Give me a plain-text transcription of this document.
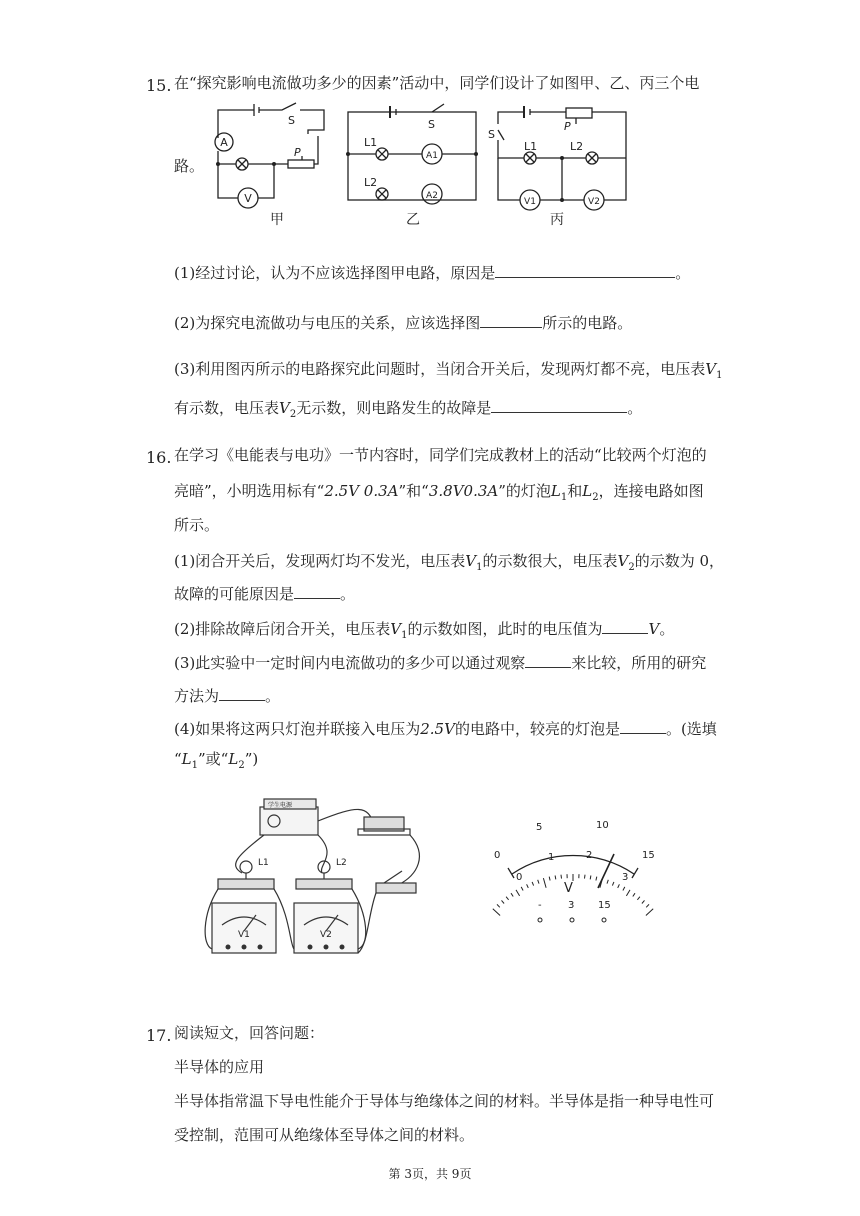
15. 在“探究影响电流做功多少的因素”活动中，同学们设计了如图甲、乙、丙三个电
路。
A
S
P
V
甲
S
L1
L2
A1
A2
乙
S
P
L1	L2
V1	V2
丙
(1)经过讨论，认为不应该选择图甲电路，原因是	。
(2)为探究电流做功与电压的关系，应该选择图	所示的电路。
(3)利用图丙所示的电路探究此问题时，当闭合开关后，发现两灯都不亮，电压表$V_1$
有示数，电压表$V_2$无示数，则电路发生的故障是	。
16. 在学习《电能表与电功》一节内容时，同学们完成教材上的活动“比较两个灯泡的
亮暗”，小明选用标有“2.5V 0.3A”和“3.8V0.3A”的灯泡$L_1$和$L_2$，连接电路如图
所示。
(1)闭合开关后，发现两灯均不发光，电压表$V_1$的示数很大，电压表$V_2$的示数为 0，
故障的可能原因是	。
(2)排除故障后闭合开关，电压表$V_1$的示数如图，此时的电压值为	V。
(3)此实验中一定时间内电流做功的多少可以通过观察	来比较，所用的研究
方法为	。
(4)如果将这两只灯泡并联接入电压为2.5V的电路中，较亮的灯泡是	。(选填
“$L_1$”或“$L_2$”)
学生电源
L1	L2
V1	V2
0
5	10
15
0
1	2
3
V
-	3 15
17. 阅读短文，回答问题：
半导体的应用
半导体指常温下导电性能介于导体与绝缘体之间的材料。半导体是指一种导电性可
受控制，范围可从绝缘体至导体之间的材料。
第 3页，共 9页
